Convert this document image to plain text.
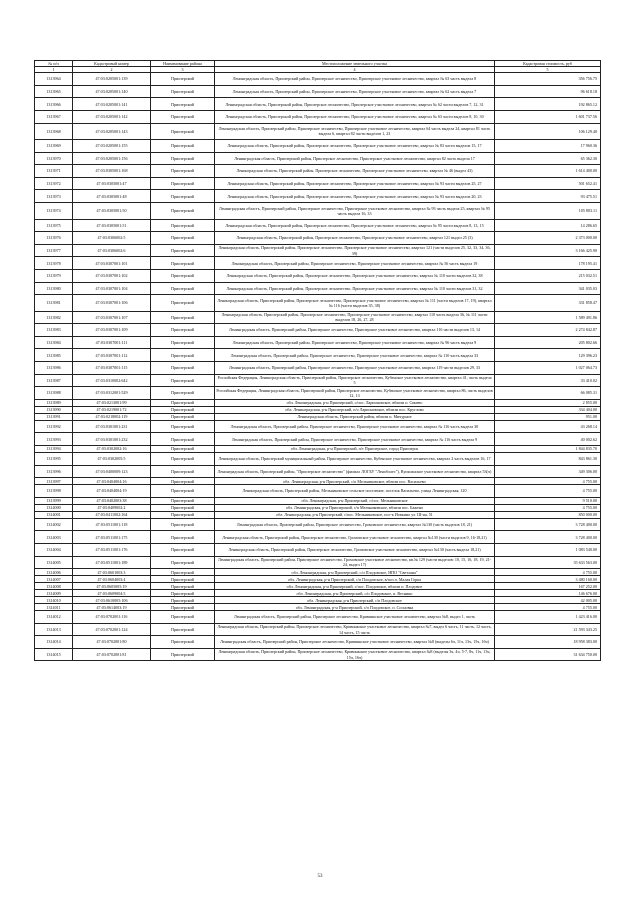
№ п/п	Кадастровый номер	Наименование района	Местоположение земельного участка	Кадастровая стоимость, руб
1	2	3	4	5
1313964	47:03:0205001:139	Приозерский	Ленинградская область, Приозерский район, Приозерское лесничество, Приозерское участковое лесничество, квартал № 63 часть выдела 8	356 756.75
1313965	47:03:0205001:140	Приозерский	Ленинградская область, Приозерский район, Приозерское лесничество, Приозерское участковое лесничество, квартал № 62 часть выдела 7	96 618.18
1313966	47:03:0205001:141	Приозерский	Ленинградская область, Приозерский район, Приозерское лесничество, Приозерское участковое лесничество, квартал № 62 части выделов 7, 12, 31	192 865.12
1313967	47:03:0205001:142	Приозерский	Ленинградская область, Приозерский район, Приозерское лесничество, Приозерское участковое лесничество, квартал № 63 части выделов 8, 10, 30	1 601 737.56
1313968	47:03:0205001:143	Приозерский	Ленинградская область, Приозерский район, Приозерское лесничество, Приозерское участковое лесничество, квартал 64 часть выдела 24, квартал 81 часть выдела 6, квартал 82 части выделов 1, 23	106 129.40
1313969	47:03:0205001:155	Приозерский	Ленинградская область, Приозерский район, Приозерское лесничество, Приозерское участковое лесничество, квартал № 83 части выделов 15, 17	17 960.36
1313970	47:03:0205001:156	Приозерский	Ленинградская область, Приозерский район, Приозерское лесничество, Приозерское участковое лесничество, квартал 82 часть выдела 17	65 362.30
1313971	47:03:0305001:168	Приозерский	Ленинградская область, Приозерский район, Приозерское лесничество, Приозерское участковое лесничество, квартал № 46 (выдел 43)	1 614 400.00
1313972	47:03:0305001:47	Приозерский	Ленинградская область, Приозерский район, Приозерское лесничество, Приозерское участковое лесничество, квартал № 93 части выделов 25, 27	501 652.41
1313973	47:03:0305001:48	Приозерский	Ленинградская область, Приозерский район, Приозерское лесничество, Приозерское участковое лесничество, квартал № 93 части выделов 20, 23	93 475.51
1313974	47:03:0305001:50	Приозерский	Ленинградская область, Приозерский район, Приозерское лесничество, Приозерское участковое лесничество, квартал № 93 часть выдела 25, квартал № 95 часть выдела 16, 33	105 803.11
1313975	47:03:0305001:51	Приозерский	Ленинградская область, Приозерский район, Приозерское лесничество, Приозерское участковое лесничество, квартал № 95 части выделов 8, 13, 15	14 286.65
1313976	47:03:0306002:5	Приозерский	Ленинградская область, Приозерский район, Приозерское лесничество, Приозерское участковое лесничество, квартал 121 выдел 25 (3)	2 373 000.00
1313977	47:03:0306002:6	Приозерский	Ленинградская область, Приозерский район, Приозерское лесничество, Приозерское участковое лесничество, квартал 121 (части выделов 25, 32, 33, 34, 36, 39)	3 166 425.90
1313978	47:03:0307001:101	Приозерский	Ленинградская область, Приозерский район, Приозерское лесничество, Приозерское участковое лесничество, квартал № 56 часть выдела 19	178 195.41
1313979	47:03:0307001:102	Приозерский	Ленинградская область, Приозерский район, Приозерское лесничество, Приозерское участковое лесничество, квартал № 110 части выделов 32, 38	215 032.51
1313980	47:03:0307001:104	Приозерский	Ленинградская область, Приозерский район, Приозерское лесничество, Приозерское участковое лесничество, квартал № 110 части выделов 31, 32	341 035.03
1313981	47:03:0307001:106	Приозерский	Ленинградская область, Приозерский район, Приозерское лесничество, Приозерское участковое лесничество, квартал № 111 (части выделов 17, 19), квартал № 116 (части выделов 35, 38)	331 858.47
1313982	47:03:0307001:107	Приозерский	Ленинградская область, Приозерский район, Приозерское лесничество, Приозерское участковое лесничество, квартал 110 часть выдела 36, № 111 части выделов 18, 26, 27, 28	1 589 491.86
1313983	47:03:0307001:109	Приозерский	Ленинградская область, Приозерский район, Приозерское лесничество, Приозерское участковое лесничество, квартал 116 части выделов 13, 14	2 274 842.87
1313984	47:03:0307001:111	Приозерский	Ленинградская область, Приозерский район, Приозерское лесничество, Приозерское участковое лесничество, квартал № 96 часть выдела 9	205 802.66
1313985	47:03:0307001:112	Приозерский	Ленинградская область, Приозерский район, Приозерское лесничество, Приозерское участковое лесничество, квартал № 110 часть выдела 33	129 396.23
1313986	47:03:0307001:115	Приозерский	Ленинградская область, Приозерский район, Приозерское лесничество, Приозерское участковое лесничество, квартал 119 части выделов 29, 33	1 027 064.73
1313987	47:03:0310002:642	Приозерский	Российская Федерация, Ленинградская область, Приозерский район, Приозерское лесничество, Кубенское участковое лесничество, квартал 41, часть выдела 5	33 410.02
1313988	47:03:0312001:529	Приозерский	Российская Федерация, Ленинградская область, Приозерский район, Приозерское лесничество, Кубенское участковое лесничество, квартал 86, часть выделов 12, 13	66 085.31
1313989	47:03:0213001:99	Приозерский	обл. Ленинградская, р-н Приозерский, с/пос. Ларионовское, вблизи п. Синево	2 855.00
1313990	47:03:0219001:72	Приозерский	обл. Ленинградская, р-н Приозерский, п/о Ларионовское, вблизи пос. Круглово	334 404.00
1313991	47:03:0218002:119	Приозерский	Ленинградская область, Приозерский район, вблизи п. Мичурное	951.00
1313992	47:03:0301001:231	Приозерский	Ленинградская область, Приозерский район, Приозерское лесничество, Приозерское участковое лесничество, квартал № 116 часть выдела 30	43 268.14
1313993	47:03:0301001:232	Приозерский	Ленинградская область, Приозерский район, Приозерское лесничество, Приозерское участковое лесничество, квартал № 116 часть выдела 9	40 002.62
1313994	47:03:0302002:16	Приозерский	обл. Ленинградская, р-н Приозерский, п/т Приозерское, город Приозерск	1 844 835.70
1313995	47:03:0302005:5	Приозерский	Ленинградская область, Приозерский муниципальный район, Приозерское лесничество, Кубенское участковое лесничество, квартал 2 часть выделов 16, 17	843 861.30
1313996	47:03:0400009:123	Приозерский	Ленинградская область, Приозерский район, "Приозерское лесничество" (филиал ЛОГБУ "Ленобллес"), Вуоксинское участковое лесничество, квартал 53(ч)	349 306.00
1313997	47:03:0404004:16	Приозерский	обл. Ленинградская, р-н Приозерский, с/п Мельниковское, вблизи пос. Васильево	4 755.00
1313998	47:03:0404004:19	Приозерский	Ленинградская область, Приозерский район, Мельниковское сельское поселение, поселок Васильево, улица Ленинградская, 120	4 755.00
1313999	47:03:0402003:38	Приозерский	обл. Ленинградская, р-н Приозерский, с/пос. Мельниковское	9 510.00
1314000	47:03:0409002:2	Приозерский	обл. Ленинградская, р-н Приозерский, с/п Мельниковское, вблизи пос. Бажено	4 755.00
1314001	47:03:0411002:164	Приозерский	обл. Ленинградская, р-н Приозерский, с/пос. Мельниковское, пос-к Иовкино ул. Ш-на, 51	850 000.00
1314002	47:03:0511001:118	Приозерский	Ленинградская область, Приозерский район, Приозерское лесничество, Громовское лесничество, квартал №130 (часть выделов 18, 21)	3 728 400.00
1314003	47:03:0511001:175	Приозерский	Ленинградская область, Приозерский район, Приозерское лесничество, Громовское участковое лесничество, квартал №130 (части выделов 9, 16-18,21)	3 728 400.00
1314004	47:03:0511001:176	Приозерский	Ленинградская область, Приозерский район, Приозерское лесничество, Громовское участковое лесничество, квартал №130 (часть выдела 18,21)	1 083 540.00
1314005	47:03:0511001:189	Приозерский	Ленинградская область, Приозерский район, Приозерское лесничество, Громовское участковое лесничество, кв.№ 129 (части выделов: 10, 15, 16, 18, 19, 21-24, выдел 17)	35 633 563.00
1314006	47:03:0601003:3	Приозерский	обл. Ленинградская, р-н Приозерский, с/п Плодовское, НПО "Светлана"	4 755.00
1314007	47:03:0604003:4	Приозерский	обл. Ленинградская, р-н Приозерский, с/п Плодовское, в/поз п. Малая Горка	3 480 160.00
1314008	47:03:0605005:19	Приозерский	обл. Ленинградская, р-н Приозерский, с/пос. Плодовское, вблизи п. Плодовое	167 252.00
1314009	47:03:0609004:5	Приозерский	обл. Ленинградская, р-н Приозерский, с/п Плодовское, п. Веснино	146 676.00
1314010	47:03:0610005:106	Приозерский	обл. Ленинградская, р-н Приозерский, с/п Плодовское	42 005.00
1314011	47:03:0614003:19	Приозерский	обл. Ленинградская, р-н Приозерский, с/п Плодовское, п. Сосновка	4 755.00
1314012	47:03:0702001:116	Приозерский	Ленинградская область, Приозерский район, Приозерское лесничество, Кривинкское участковое лесничество, квартал №8, выдел 1, часть	1 423 416.00
1314013	47:03:0702001:124	Приозерский	Ленинградская область, Приозерский район, Приозерское лесничество, Кривинкское участковое лесничество, квартал №7, выдел 6 часть, 11 часть, 12 часть, 14 часть, 15 часть	21 593 343.25
1314014	47:03:0702001:80	Приозерский	Ленинградская область, Приозерский район, Приозерское лесничество, Кривинкское участковое лесничество, квартал №8 (выделы 6ч, 11ч, 13ч, 15ч, 16ч)	18 958 383.00
1314015	47:03:0702001:81	Приозерский	Ленинградская область, Приозерский район, Приозерское лесничество, Кривинкское участковое лесничество, квартал №8 (выделы 3ч, 4ч, 5-7, 8ч, 11ч, 13ч, 15ч, 16ч)	31 634 750.00
53
